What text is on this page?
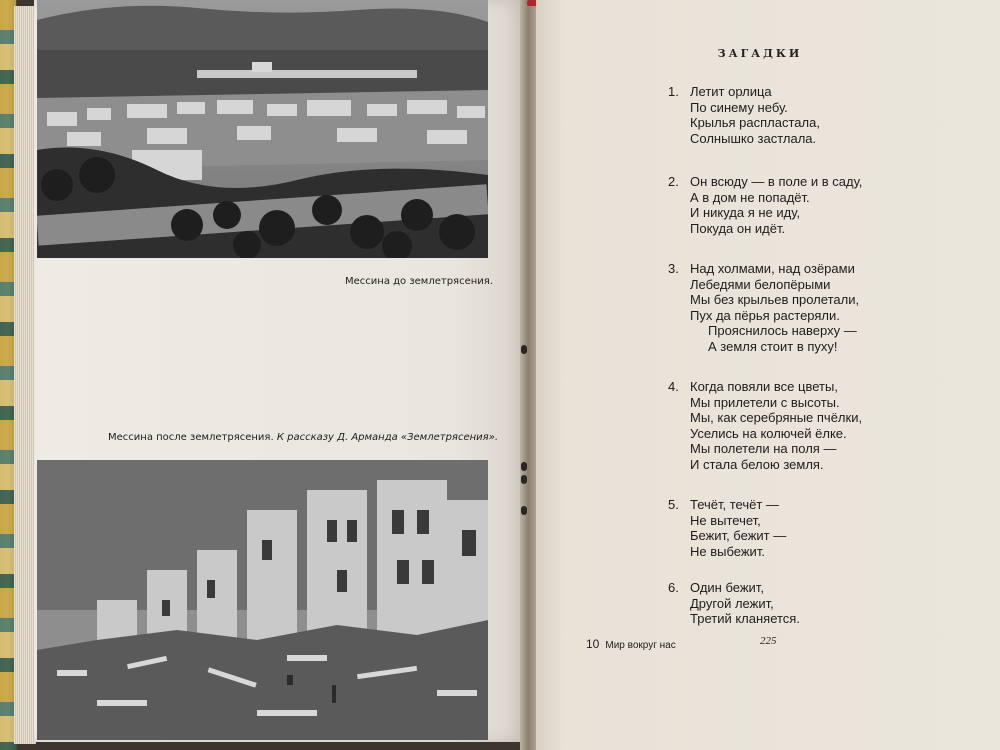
Мессина до землетрясения.
Мессина после землетрясения. К рассказу Д. Арманда «Землетрясения».
ЗАГАДКИ
1. Летит орлица
По синему небу.
Крылья распластала,
Солнышко застлала.
2. Он всюду — в поле и в саду,
А в дом не попадёт.
И никуда я не иду,
Покуда он идёт.
3. Над холмами, над озёрами
Лебедями белопёрыми
Мы без крыльев пролетали,
Пух да пёрья растеряли.
Прояснилось наверху —
А земля стоит в пуху!
4. Когда повяли все цветы,
Мы прилетели с высоты.
Мы, как серебряные пчёлки,
Уселись на колючей ёлке.
Мы полетели на поля —
И стала белою земля.
5. Течёт, течёт —
Не вытечет,
Бежит, бежит —
Не выбежит.
6. Один бежит,
Другой лежит,
Третий кланяется.
10 Мир вокруг нас	225
